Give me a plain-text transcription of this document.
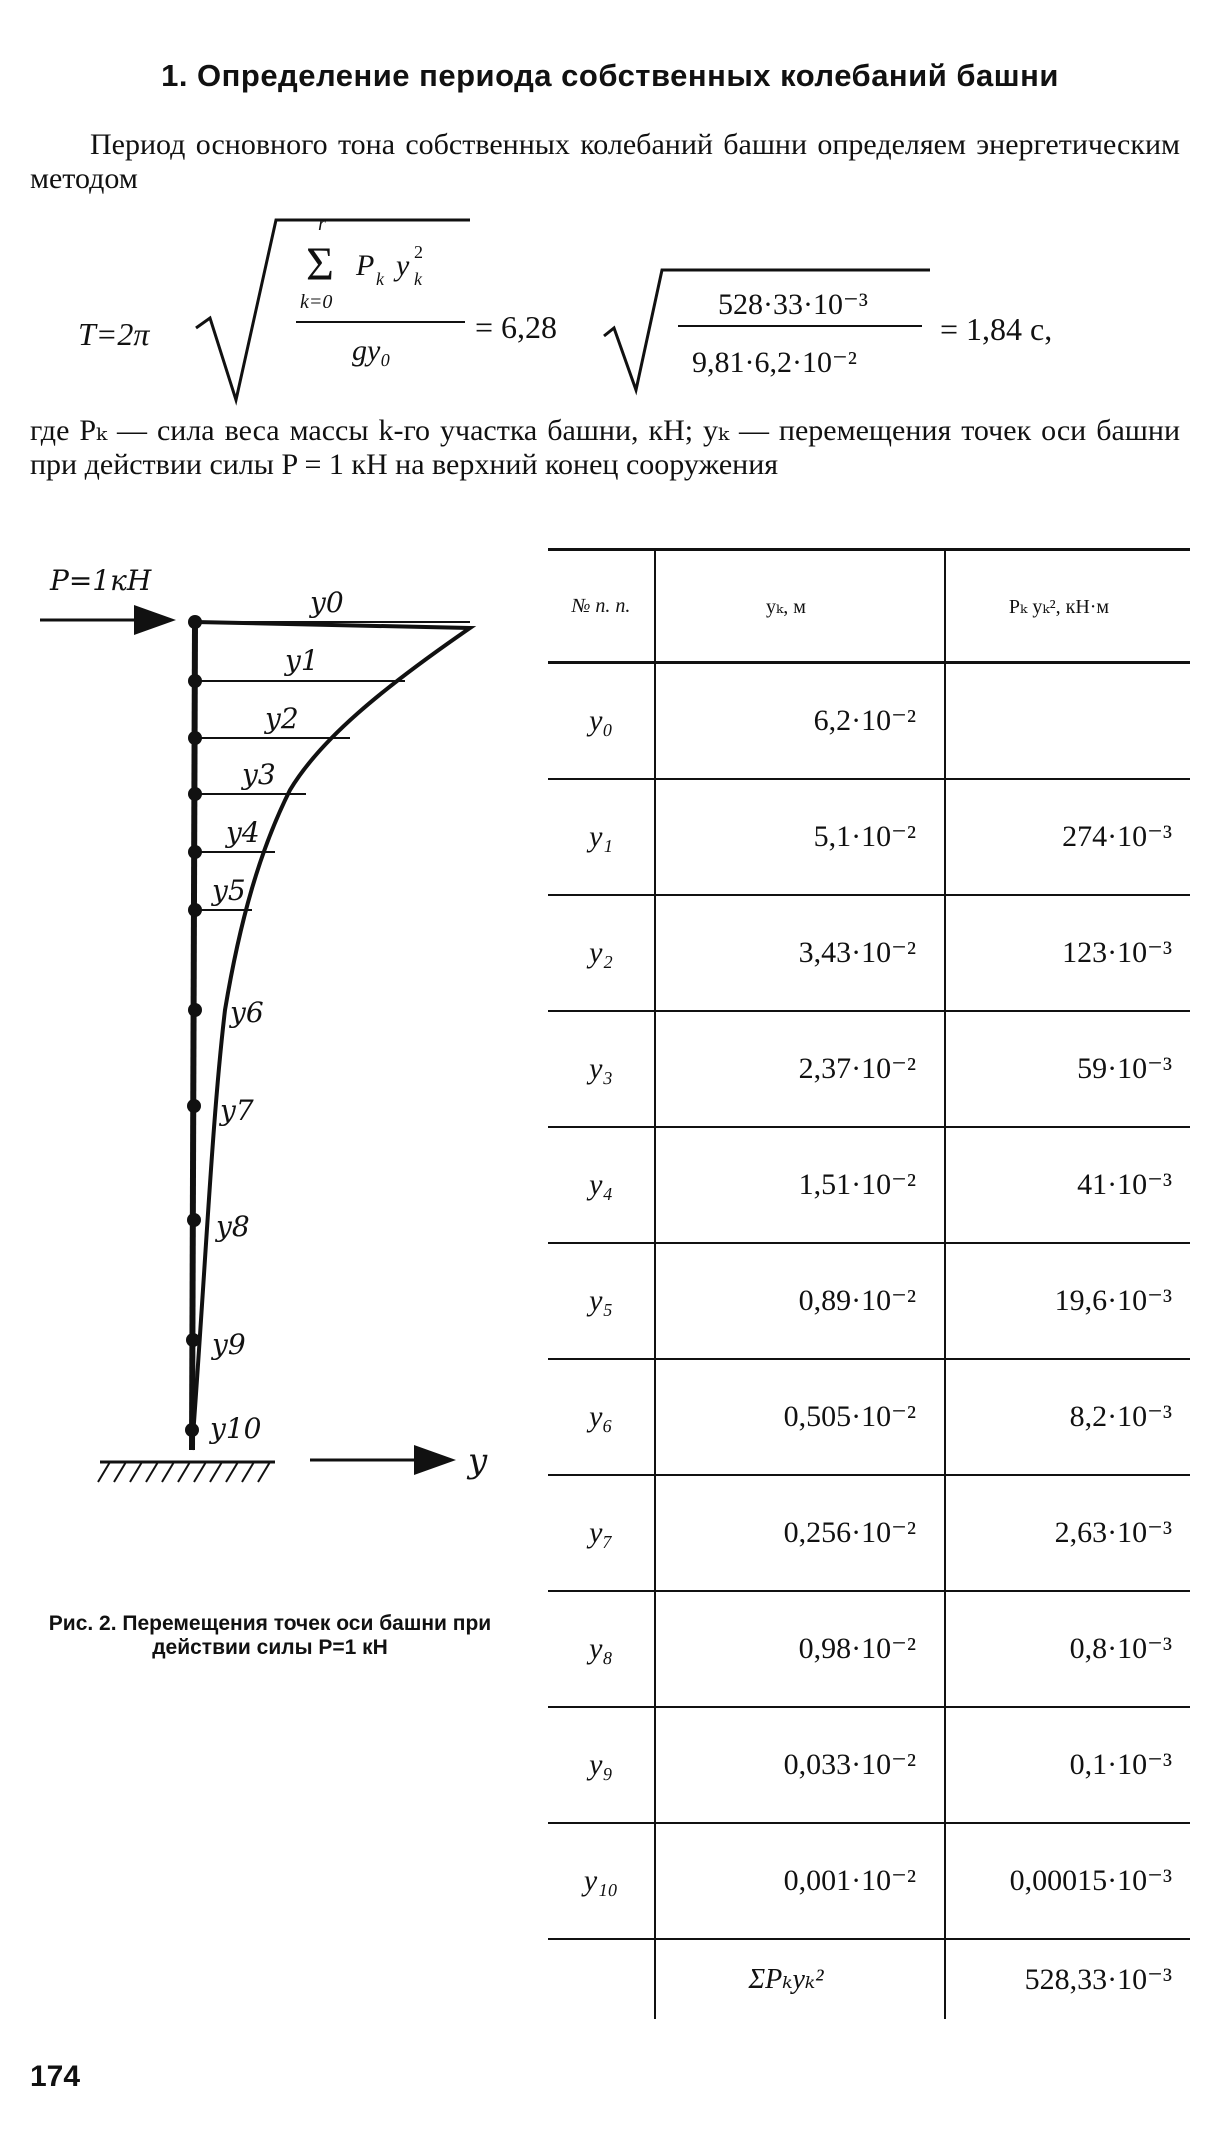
1. Определение периода собственных колебаний башни

Период основного тона собственных колебаний башни определяем энергетическим методом

T=2π
r
Σ
k=0
P k y 2
k
gy₀
= 6,28
528·33·10⁻³
9,81·6,2·10⁻²
= 1,84 с,

где Pₖ — сила веса массы k-го участка башни, кН; yₖ — перемещения точек оси башни при действии силы P = 1 кН на верхний конец сооружения

P=1кН
y0
y1
y2
y3
y4
y5
y6
y7
y8
y9
y10
y
Рис. 2. Перемещения точек оси башни при действии силы P=1 кН
№ п. п.	yₖ, м	Pₖ yₖ², кН·м
y₀	6,2·10⁻²	
y₁	5,1·10⁻²	274·10⁻³
y₂	3,43·10⁻²	123·10⁻³
y₃	2,37·10⁻²	59·10⁻³
y₄	1,51·10⁻²	41·10⁻³
y₅	0,89·10⁻²	19,6·10⁻³
y₆	0,505·10⁻²	8,2·10⁻³
y₇	0,256·10⁻²	2,63·10⁻³
y₈	0,98·10⁻²	0,8·10⁻³
y₉	0,033·10⁻²	0,1·10⁻³
y₁₀	0,001·10⁻²	0,00015·10⁻³
	ΣPₖyₖ²	528,33·10⁻³
174
